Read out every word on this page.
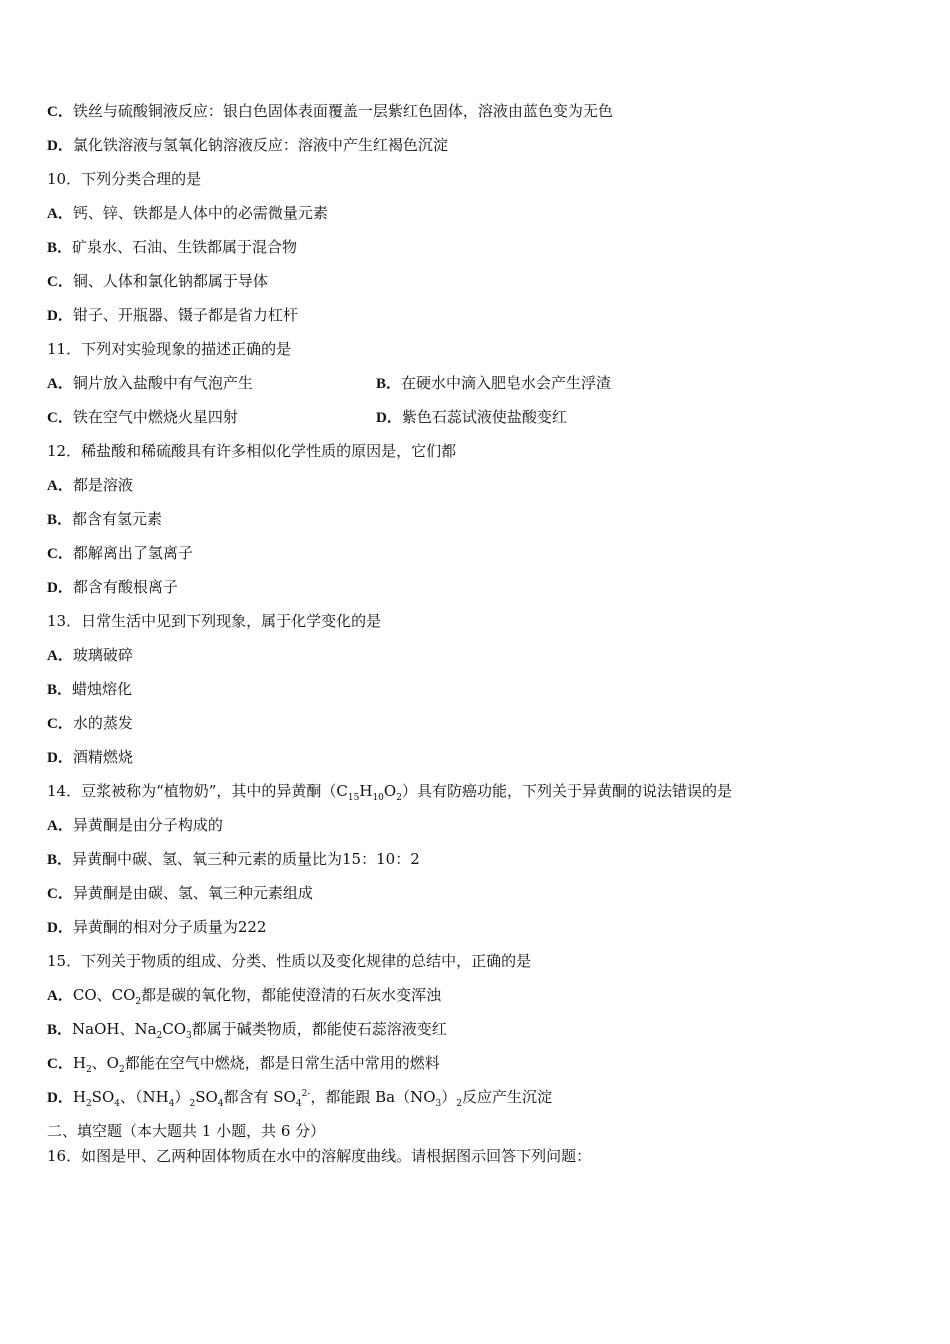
C．铁丝与硫酸铜液反应：银白色固体表面覆盖一层紫红色固体，溶液由蓝色变为无色
D．氯化铁溶液与氢氧化钠溶液反应：溶液中产生红褐色沉淀
10．下列分类合理的是
A．钙、锌、铁都是人体中的必需微量元素
B．矿泉水、石油、生铁都属于混合物
C．铜、人体和氯化钠都属于导体
D．钳子、开瓶器、镊子都是省力杠杆
11．下列对实验现象的描述正确的是
A．铜片放入盐酸中有气泡产生	B．在硬水中滴入肥皂水会产生浮渣
C．铁在空气中燃烧火星四射	D．紫色石蕊试液使盐酸变红
12．稀盐酸和稀硫酸具有许多相似化学性质的原因是，它们都
A．都是溶液
B．都含有氢元素
C．都解离出了氢离子
D．都含有酸根离子
13．日常生活中见到下列现象，属于化学变化的是
A．玻璃破碎
B．蜡烛熔化
C．水的蒸发
D．酒精燃烧
14．豆浆被称为“植物奶”，其中的异黄酮$(C_{15}H_{10}O_2)$具有防癌功能，下列关于异黄酮的说法错误的是
A．异黄酮是由分子构成的
B．异黄酮中碳、氢、氧三种元素的质量比为15：10：2
C．异黄酮是由碳、氢、氧三种元素组成
D．异黄酮的相对分子质量为222
15．下列关于物质的组成、分类、性质以及变化规律的总结中，正确的是
A．CO、$CO_2$都是碳的氧化物，都能使澄清的石灰水变浑浊
B．NaOH、$Na_2CO_3$都属于碱类物质，都能使石蕊溶液变红
C．$H_2$、$O_2$都能在空气中燃烧，都是日常生活中常用的燃料
D．$H_2SO_4$、$(NH_4)_2SO_4$都含有 $SO_4^{2-}$，都能跟 $Ba(NO_3)_2$反应产生沉淀
二、填空题（本大题共 1 小题，共 6 分）
16．如图是甲、乙两种固体物质在水中的溶解度曲线。请根据图示回答下列问题：
